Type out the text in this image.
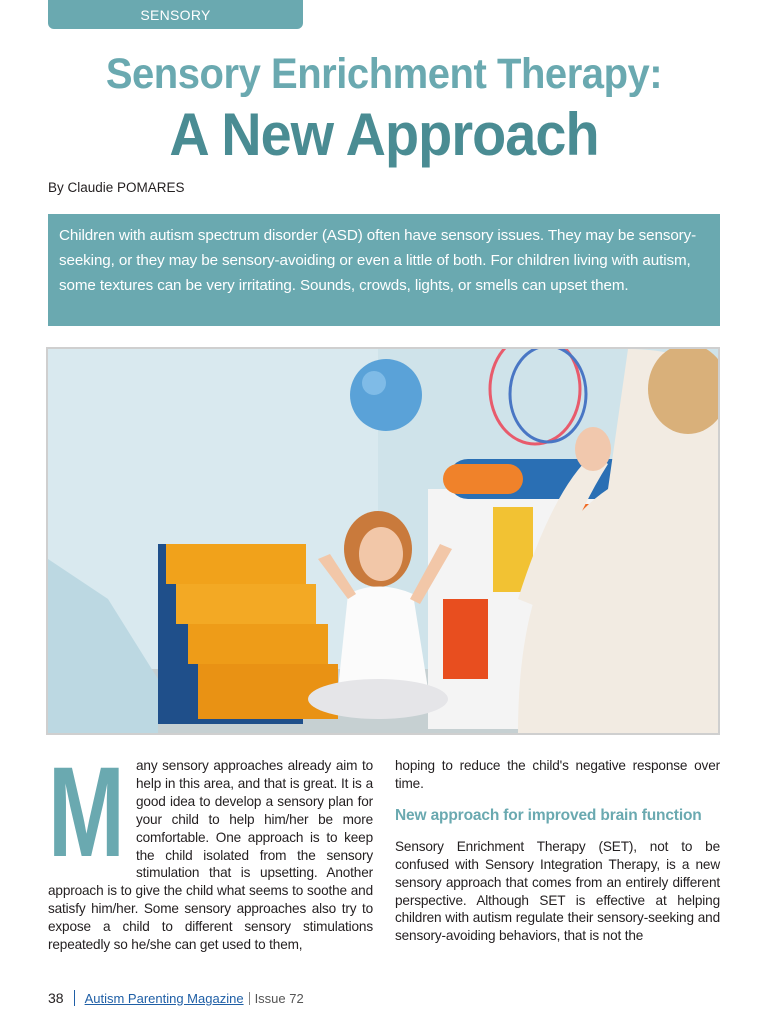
SENSORY
Sensory Enrichment Therapy:
A New Approach
By Claudie POMARES
Children with autism spectrum disorder (ASD) often have sensory issues. They may be sensory-seeking, or they may be sensory-avoiding or even a little of both. For children living with autism, some textures can be very irritating. Sounds, crowds, lights, or smells can upset them.
M any sensory approaches already aim to help in this area, and that is great. It is a good idea to develop a sensory plan for your child to help him/her be more comfortable. One approach is to keep the child isolated from the sensory stimulation that is upsetting. Another approach is to give the child what seems to soothe and satisfy him/her. Some sensory approaches also try to expose a child to different sensory stimulations repeatedly so he/she can get used to them,

hoping to reduce the child's negative response over time.

New approach for improved brain function

Sensory Enrichment Therapy (SET), not to be confused with Sensory Integration Therapy, is a new sensory approach that comes from an entirely different perspective. Although SET is effective at helping children with autism regulate their sensory-seeking and sensory-avoiding behaviors, that is not the

38 Autism Parenting Magazine Issue 72
